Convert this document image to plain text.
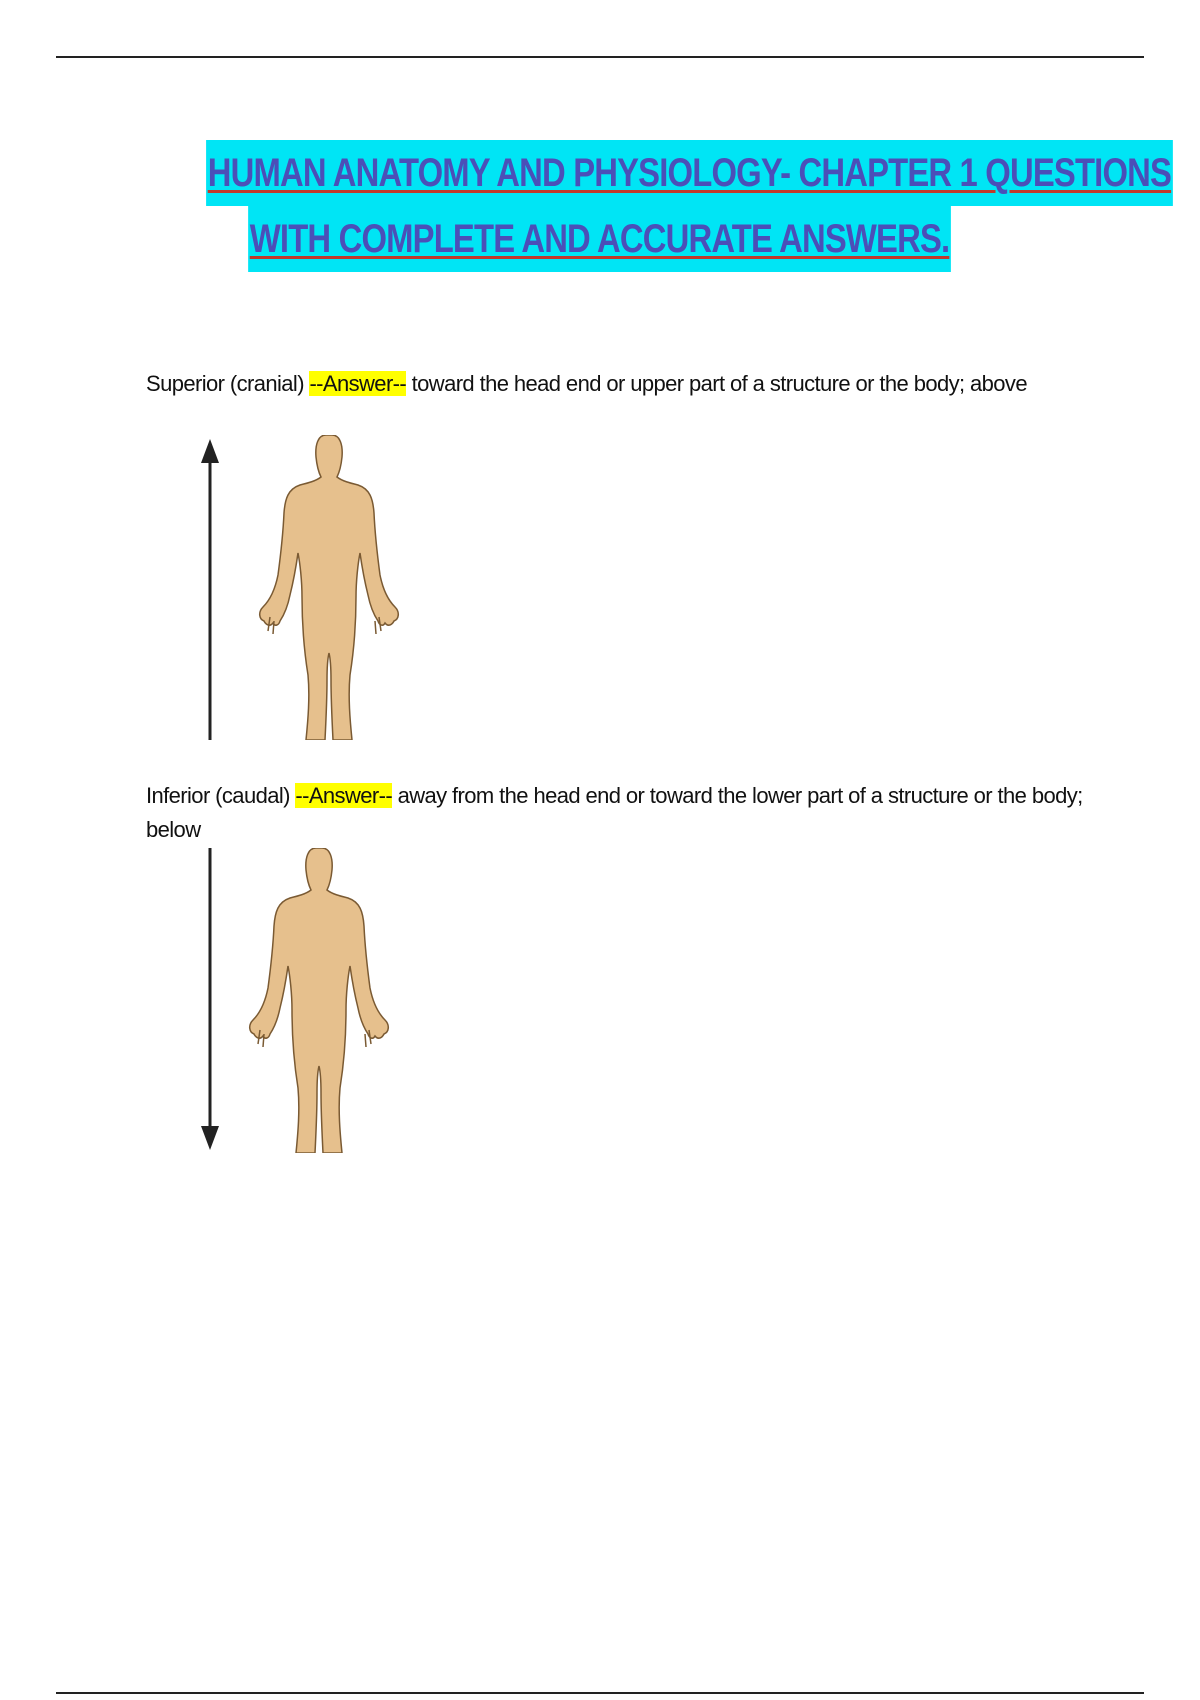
HUMAN ANATOMY AND PHYSIOLOGY- CHAPTER 1 QUESTIONS
WITH COMPLETE AND ACCURATE ANSWERS.
Superior (cranial) --Answer-- toward the head end or upper part of a structure or the body; above
Inferior (caudal) --Answer-- away from the head end or toward the lower part of a structure or the body; below
